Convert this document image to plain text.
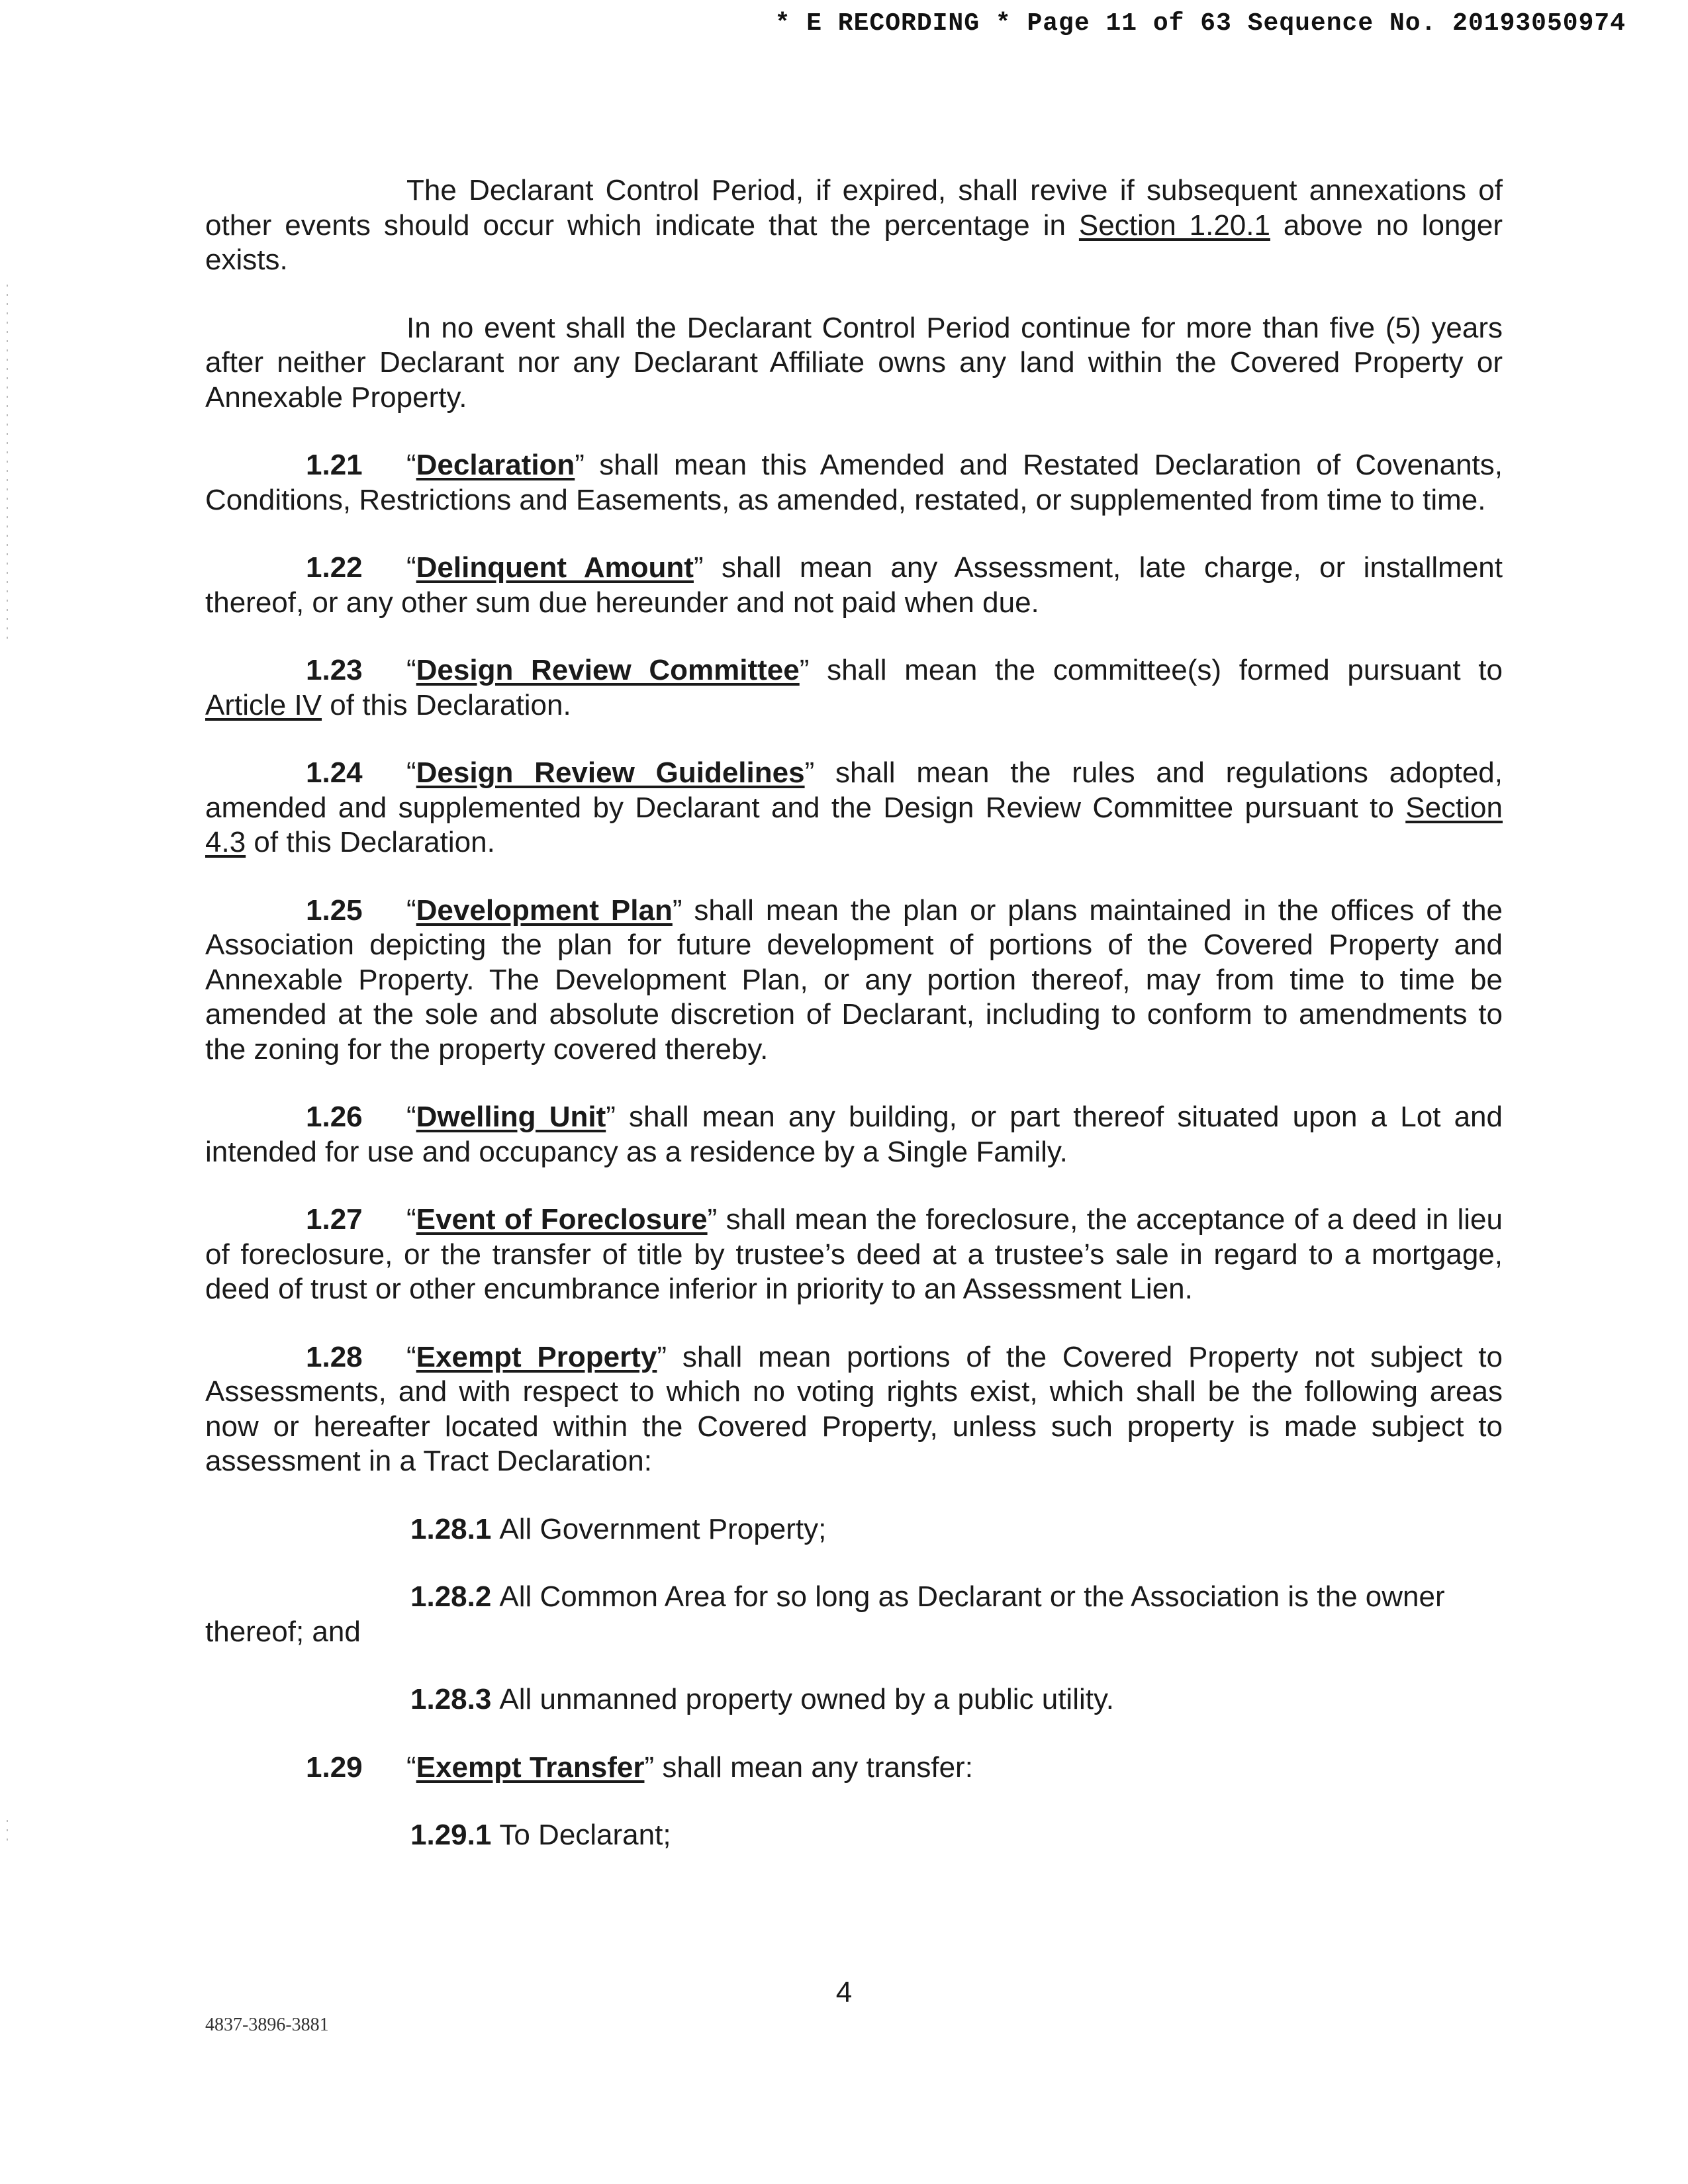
* E RECORDING * Page 11 of 63 Sequence No. 20193050974

The Declarant Control Period, if expired, shall revive if subsequent annexations of other events should occur which indicate that the percentage in Section 1.20.1 above no longer exists.

In no event shall the Declarant Control Period continue for more than five (5) years after neither Declarant nor any Declarant Affiliate owns any land within the Covered Property or Annexable Property.

1.21 “Declaration” shall mean this Amended and Restated Declaration of Covenants, Conditions, Restrictions and Easements, as amended, restated, or supplemented from time to time.

1.22 “Delinquent Amount” shall mean any Assessment, late charge, or installment thereof, or any other sum due hereunder and not paid when due.

1.23 “Design Review Committee” shall mean the committee(s) formed pursuant to Article IV of this Declaration.

1.24 “Design Review Guidelines” shall mean the rules and regulations adopted, amended and supplemented by Declarant and the Design Review Committee pursuant to Section 4.3 of this Declaration.

1.25 “Development Plan” shall mean the plan or plans maintained in the offices of the Association depicting the plan for future development of portions of the Covered Property and Annexable Property. The Development Plan, or any portion thereof, may from time to time be amended at the sole and absolute discretion of Declarant, including to conform to amendments to the zoning for the property covered thereby.

1.26 “Dwelling Unit” shall mean any building, or part thereof situated upon a Lot and intended for use and occupancy as a residence by a Single Family.

1.27 “Event of Foreclosure” shall mean the foreclosure, the acceptance of a deed in lieu of foreclosure, or the transfer of title by trustee’s deed at a trustee’s sale in regard to a mortgage, deed of trust or other encumbrance inferior in priority to an Assessment Lien.

1.28 “Exempt Property” shall mean portions of the Covered Property not subject to Assessments, and with respect to which no voting rights exist, which shall be the following areas now or hereafter located within the Covered Property, unless such property is made subject to assessment in a Tract Declaration:

1.28.1 All Government Property;

1.28.2 All Common Area for so long as Declarant or the Association is the owner
thereof; and

1.28.3 All unmanned property owned by a public utility.

1.29 “Exempt Transfer” shall mean any transfer:

1.29.1 To Declarant;

4

4837-3896-3881
